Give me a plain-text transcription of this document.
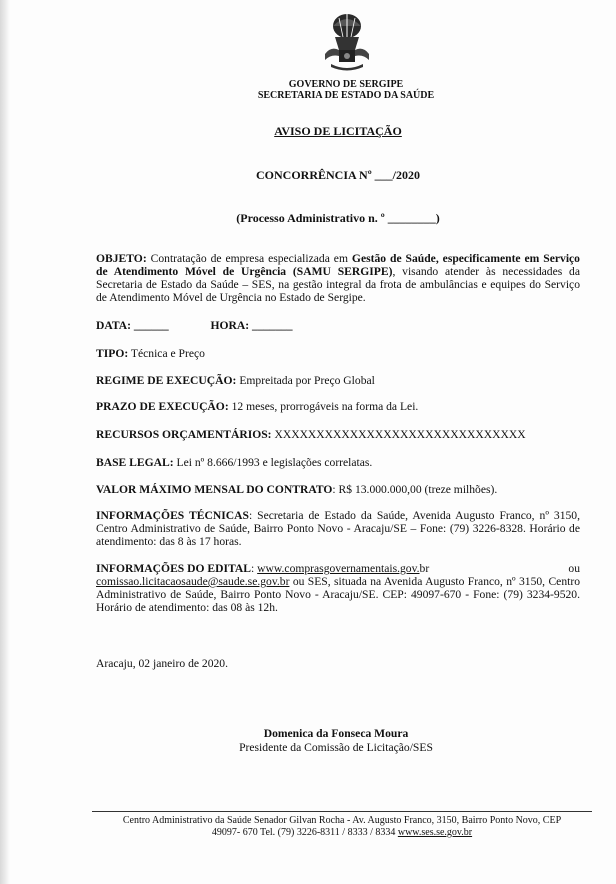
GOVERNO DE SERGIPE
SECRETARIA DE ESTADO DA SAÚDE
AVISO DE LICITAÇÃO
CONCORRÊNCIA Nº ___/2020
(Processo Administrativo n. º ________)
OBJETO: Contratação de empresa especializada em Gestão de Saúde, especificamente em Serviço de Atendimento Móvel de Urgência (SAMU SERGIPE), visando atender às necessidades da Secretaria de Estado da Saúde – SES, na gestão integral da frota de ambulâncias e equipes do Serviço de Atendimento Móvel de Urgência no Estado de Sergipe.
DATA: ______	HORA: _______
TIPO: Técnica e Preço
REGIME DE EXECUÇÃO: Empreitada por Preço Global
PRAZO DE EXECUÇÃO: 12 meses, prorrogáveis na forma da Lei.
RECURSOS ORÇAMENTÁRIOS: XXXXXXXXXXXXXXXXXXXXXXXXXXXXXX
BASE LEGAL: Lei nº 8.666/1993 e legislações correlatas.
VALOR MÁXIMO MENSAL DO CONTRATO: R$ 13.000.000,00 (treze milhões).
INFORMAÇÕES TÉCNICAS: Secretaria de Estado da Saúde, Avenida Augusto Franco, nº 3150, Centro Administrativo de Saúde, Bairro Ponto Novo - Aracaju/SE – Fone: (79) 3226-8328. Horário de atendimento: das 8 às 17 horas.
INFORMAÇÕES DO EDITAL: www.comprasgovernamentais.gov.br	ou
comissao.licitacaosaude@saude.se.gov.br ou SES, situada na Avenida Augusto Franco, nº 3150, Centro Administrativo de Saúde, Bairro Ponto Novo - Aracaju/SE. CEP: 49097-670 - Fone: (79) 3234-9520. Horário de atendimento: das 08 às 12h.
Aracaju, 02 janeiro de 2020.
Domenica da Fonseca Moura
Presidente da Comissão de Licitação/SES
Centro Administrativo da Saúde Senador Gilvan Rocha - Av. Augusto Franco, 3150, Bairro Ponto Novo, CEP
49097- 670 Tel. (79) 3226-8311 / 8333 / 8334 www.ses.se.gov.br
